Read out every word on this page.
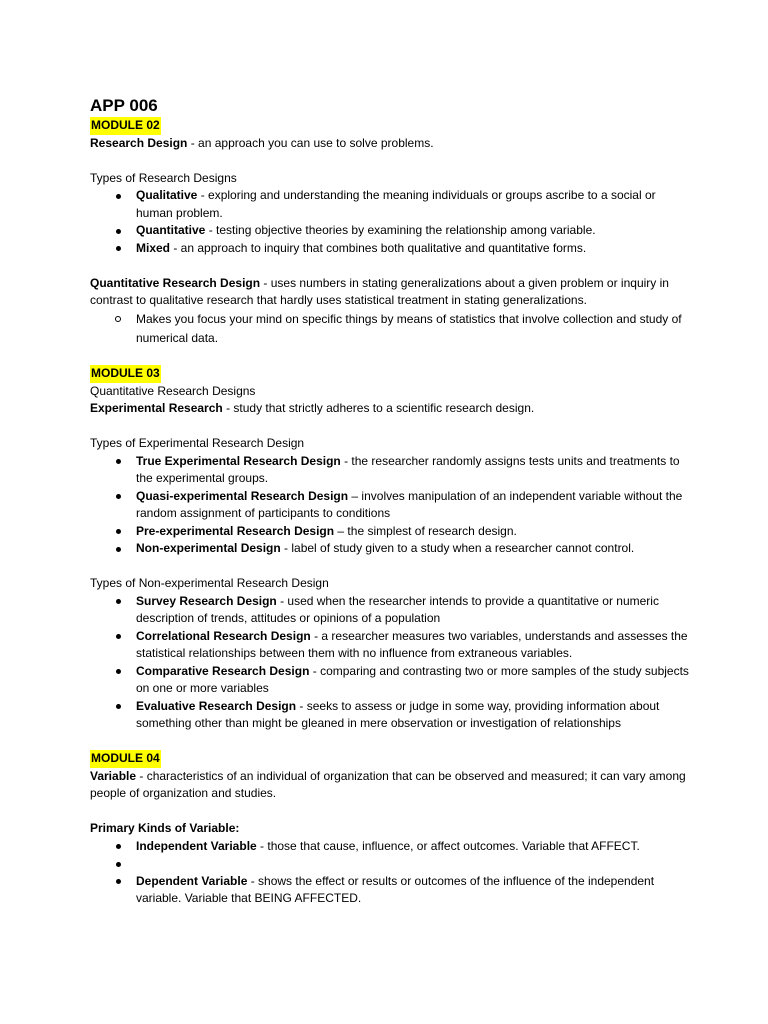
APP 006

MODULE 02

Research Design - an approach you can use to solve problems.

Types of Research Designs

Qualitative - exploring and understanding the meaning individuals or groups ascribe to a social or human problem.
Quantitative - testing objective theories by examining the relationship among variable.
Mixed - an approach to inquiry that combines both qualitative and quantitative forms.

Quantitative Research Design - uses numbers in stating generalizations about a given problem or inquiry in contrast to qualitative research that hardly uses statistical treatment in stating generalizations.

Makes you focus your mind on specific things by means of statistics that involve collection and study of numerical data.

MODULE 03

Quantitative Research Designs

Experimental Research - study that strictly adheres to a scientific research design.

Types of Experimental Research Design

True Experimental Research Design - the researcher randomly assigns tests units and treatments to the experimental groups.
Quasi-experimental Research Design – involves manipulation of an independent variable without the random assignment of participants to conditions
Pre-experimental Research Design – the simplest of research design.
Non-experimental Design - label of study given to a study when a researcher cannot control.

Types of Non-experimental Research Design

Survey Research Design - used when the researcher intends to provide a quantitative or numeric description of trends, attitudes or opinions of a population
Correlational Research Design - a researcher measures two variables, understands and assesses the statistical relationships between them with no influence from extraneous variables.
Comparative Research Design - comparing and contrasting two or more samples of the study subjects on one or more variables
Evaluative Research Design - seeks to assess or judge in some way, providing information about something other than might be gleaned in mere observation or investigation of relationships

MODULE 04

Variable - characteristics of an individual of organization that can be observed and measured; it can vary among people of organization and studies.

Primary Kinds of Variable:

Independent Variable - those that cause, influence, or affect outcomes. Variable that AFFECT.
Dependent Variable - shows the effect or results or outcomes of the influence of the independent variable. Variable that BEING AFFECTED.
